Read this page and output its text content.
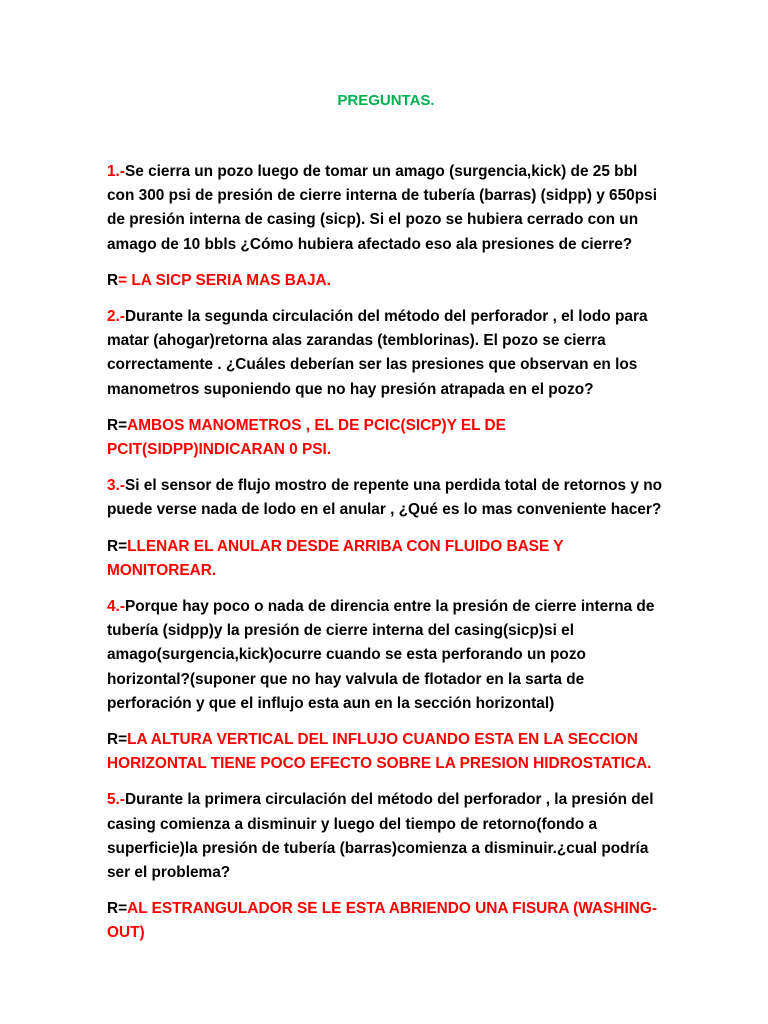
PREGUNTAS.

1.-Se cierra un pozo luego de tomar un amago (surgencia,kick) de 25 bbl con 300 psi de presión de cierre interna de tubería (barras) (sidpp) y 650psi de presión interna de casing (sicp). Si el pozo se hubiera cerrado con un amago de 10 bbls ¿Cómo hubiera afectado eso ala presiones de cierre?

R= LA SICP SERIA MAS BAJA.

2.-Durante la segunda circulación del método del perforador , el lodo para matar (ahogar)retorna alas zarandas (temblorinas). El pozo se cierra correctamente . ¿Cuáles deberían ser las presiones que observan en los manometros suponiendo que no hay presión atrapada en el pozo?

R=AMBOS MANOMETROS , EL DE PCIC(SICP)Y EL DE PCIT(SIDPP)INDICARAN 0 PSI.

3.-Si el sensor de flujo mostro de repente una perdida total de retornos y no puede verse nada de lodo en el anular , ¿Qué es lo mas conveniente hacer?

R=LLENAR EL ANULAR DESDE ARRIBA CON FLUIDO BASE Y MONITOREAR.

4.-Porque hay poco o nada de direncia entre la presión de cierre interna de tubería (sidpp)y la presión de cierre interna del casing(sicp)si el amago(surgencia,kick)ocurre cuando se esta perforando un pozo horizontal?(suponer que no hay valvula de flotador en la sarta de perforación y que el influjo esta aun en la sección horizontal)

R=LA ALTURA VERTICAL DEL INFLUJO CUANDO ESTA EN LA SECCION HORIZONTAL TIENE POCO EFECTO SOBRE LA PRESION HIDROSTATICA.

5.-Durante la primera circulación del método del perforador , la presión del casing comienza a disminuir y luego del tiempo de retorno(fondo a superficie)la presión de tubería (barras)comienza a disminuir.¿cual podría ser el problema?

R=AL ESTRANGULADOR SE LE ESTA ABRIENDO UNA FISURA (WASHING-OUT)
